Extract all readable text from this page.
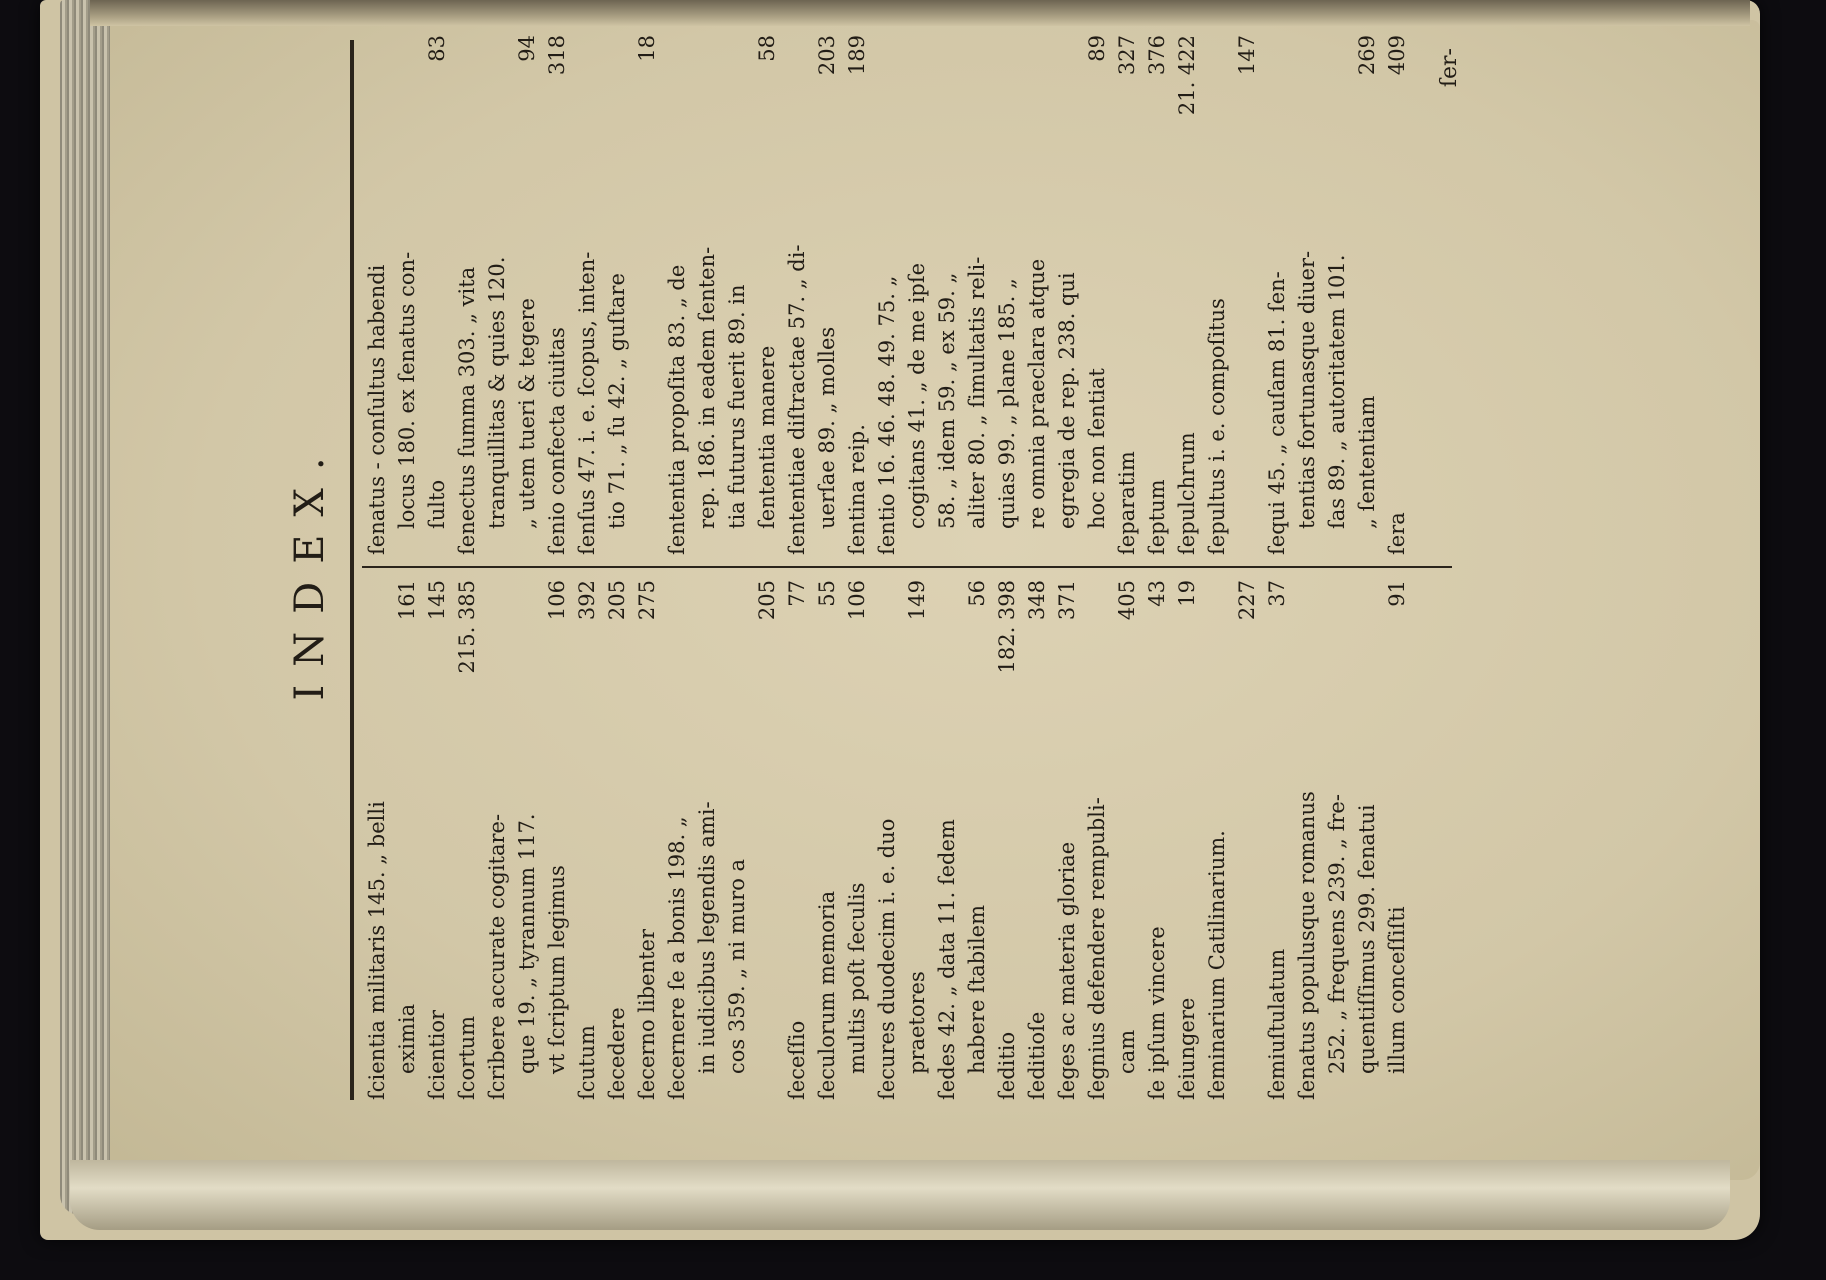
INDEX.
ſcientia militaris 145. „ belli eximia
161
ſcientior
145
ſcortum
215. 385
ſcribere accurate cogitare- que 19. „ tyrannum 117. vt ſcriptum legimus
106
ſcutum
392
ſecedere
205
ſecerno libenter
275
ſecernere ſe a bonis 198. „ in iudicibus legendis ami- cos 359. „ ni muro a
205
ſeceſſio
77
ſeculorum memoria
55
multis poſt ſeculis
106
ſecures duodecim i. e. duo praetores
149
ſedes 42. „ data 11. ſedem habere ſtabilem
56
ſeditio
182. 398
ſeditioſe
348
ſeges ac materia gloriae
371
ſegnius defendere rempubli- cam
405
ſe ipſum vincere
43
ſeiungere
19
ſeminarium Catilinarium.
227
ſemiuſtulatum
37
ſenatus populusque romanus 252. „ frequens 239. „ fre- quentiſſimus 299. ſenatui illum conceſſiſti
91
ſenatus - conſultus habendi locus 180. ex ſenatus con- ſulto
83
ſenectus ſumma 303. „ vita tranquillitas & quies 120. „ utem tueri & tegere
94
ſenio confecta ciuitas
318
ſenſus 47. i. e. ſcopus, inten- tio 71. „ ſu 42. „ guſtare
18
ſententia propoſita 83. „ de rep. 186. in eadem ſenten- tia futurus fuerit 89. in ſententia manere
58
ſententiae diſtractae 57. „ di- uerſae 89. „ molles
203
ſentina reip.
189
ſentio 16. 46. 48. 49. 75. „ cogitans 41. „ de me ipſe 58. „ idem 59. „ ex 59. „ aliter 80. „ ſimultatis reli- quias 99. „ plane 185. „ re omnia praeclara atque egregia de rep. 238. qui hoc non ſentiat
89
ſeparatim
327
ſeptum
376
ſepulchrum
21. 422
ſepultus i. e. compoſitus
147
ſequi 45. „ cauſam 81. ſen- tentias fortunasque diuer- ſas 89. „ autoritatem 101. „ ſententiam
269
ſera
409 ſer-
